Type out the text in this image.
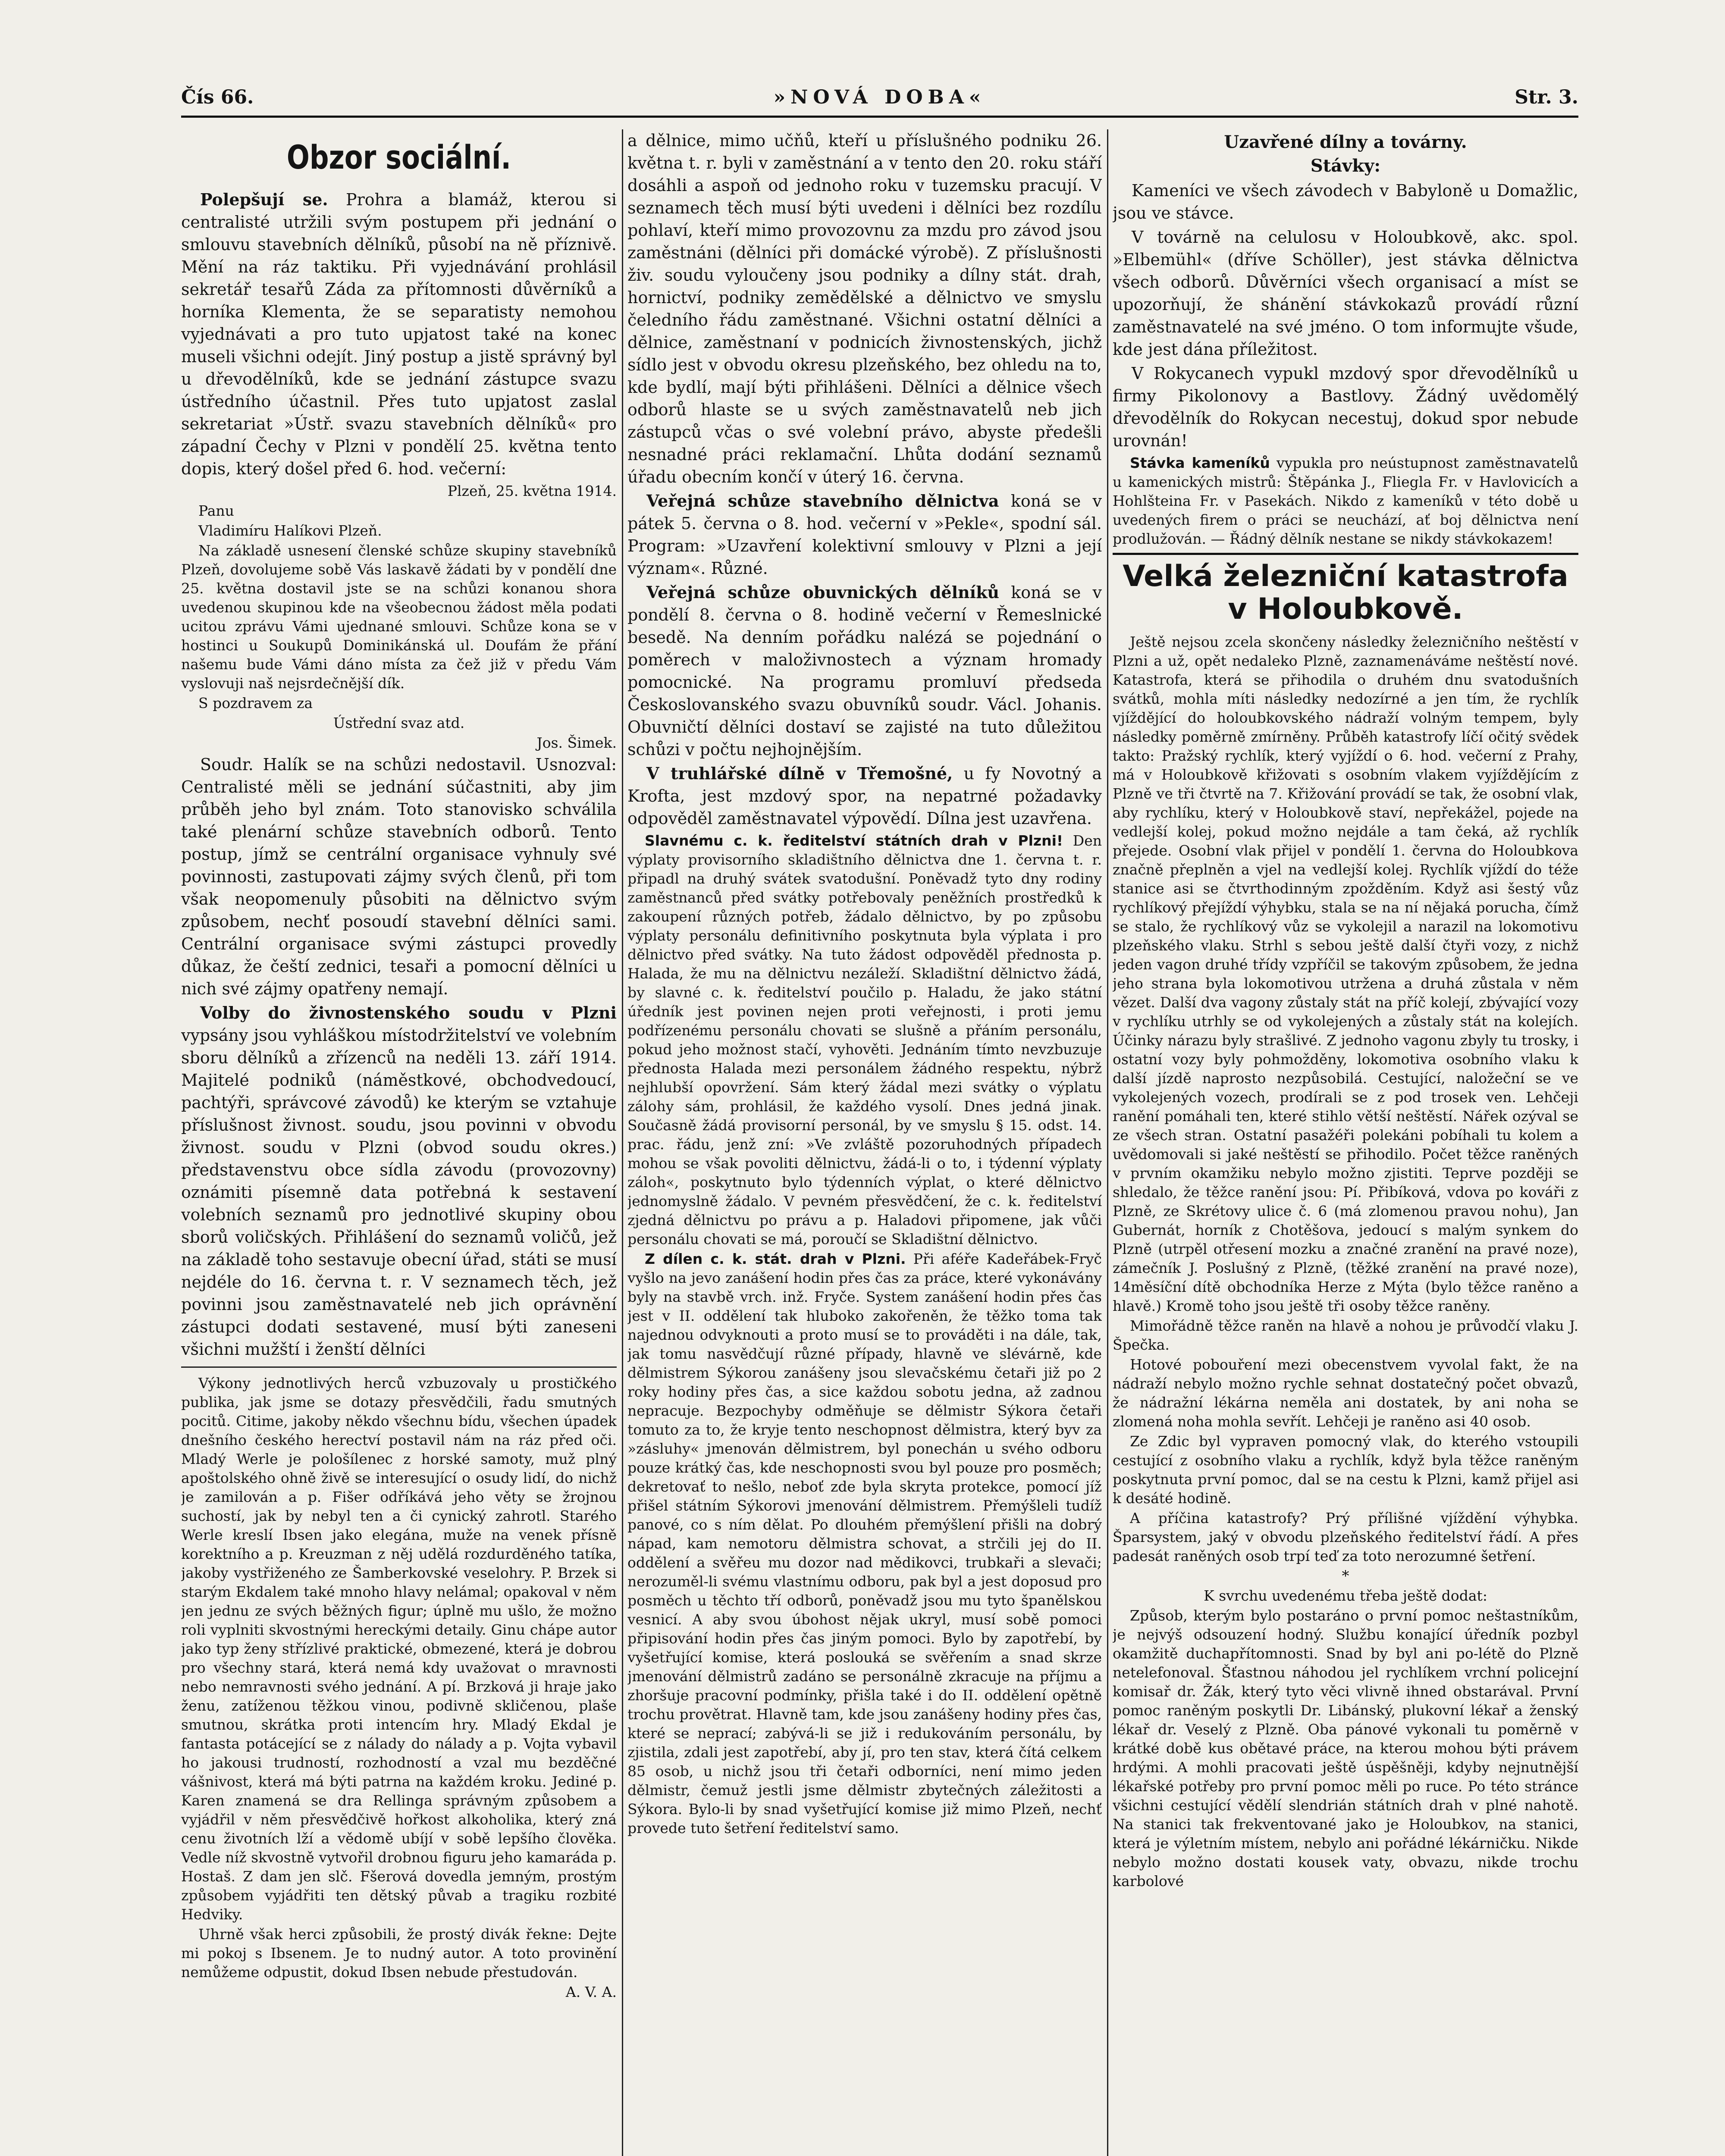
Čís 66.	»NOVÁ DOBA«	Str. 3.
Obzor sociální.

Polepšují se. Prohra a blamáž, kterou si centralisté utržili svým postupem při jednání o smlouvu stavebních dělníků, působí na ně příznivě. Mění na ráz taktiku. Při vyjednávání prohlásil sekretář tesařů Záda za přítomnosti důvěrníků a horníka Klementa, že se separatisty nemohou vyjednávati a pro tuto upjatost také na konec museli všichni odejít. Jiný postup a jistě správný byl u dřevodělníků, kde se jednání zástupce svazu ústředního účastnil. Přes tuto upjatost zaslal sekretariat »Ústř. svazu stavebních dělníků« pro západní Čechy v Plzni v pondělí 25. května tento dopis, který došel před 6. hod. večerní:

Plzeň, 25. května 1914.

Panu

Vladimíru Halíkovi Plzeň.

Na základě usnesení členské schůze skupiny stavebníků Plzeň, dovolujeme sobě Vás laskavě žádati by v pondělí dne 25. května dostavil jste se na schůzi konanou shora uvedenou skupinou kde na všeobecnou žádost měla podati ucitou zprávu Vámi ujednané smlouvi. Schůze kona se v hostinci u Soukupů Dominikánská ul. Doufám že přání našemu bude Vámi dáno místa za čež již v předu Vám vyslovuji naš nejsrdečnější dík.

S pozdravem za

Ústřední svaz atd.

Jos. Šimek.

Soudr. Halík se na schůzi nedostavil. Usnozval: Centralisté měli se jednání súčastniti, aby jim průběh jeho byl znám. Toto stanovisko schválila také plenární schůze stavebních odborů. Tento postup, jímž se centrální organisace vyhnuly své povinnosti, zastupovati zájmy svých členů, při tom však neopomenuly působiti na dělnictvo svým způsobem, nechť posoudí stavební dělníci sami. Centrální organisace svými zástupci provedly důkaz, že čeští zednici, tesaři a pomocní dělníci u nich své zájmy opatřeny nemají.

Volby do živnostenského soudu v Plzni vypsány jsou vyhláškou místodržitelství ve volebním sboru dělníků a zřízenců na neděli 13. září 1914. Majitelé podniků (náměstkové, obchodvedoucí, pachtýři, správcové závodů) ke kterým se vztahuje příslušnost živnost. soudu, jsou povinni v obvodu živnost. soudu v Plzni (obvod soudu okres.) představenstvu obce sídla závodu (provozovny) oznámiti písemně data potřebná k sestavení volebních seznamů pro jednotlivé skupiny obou sborů voličských. Přihlášení do seznamů voličů, jež na základě toho sestavuje obecní úřad, státi se musí nejdéle do 16. června t. r. V seznamech těch, jež povinni jsou zaměstnavatelé neb jich oprávnění zástupci dodati sestavené, musí býti zaneseni všichni mužští i ženští dělníci

Výkony jednotlivých herců vzbuzovaly u prostičkého publika, jak jsme se dotazy přesvědčili, řadu smutných pocitů. Citime, jakoby někdo všechnu bídu, všechen úpadek dnešního českého herectví postavil nám na ráz před oči. Mladý Werle je pološílenec z horské samoty, muž plný apoštolského ohně živě se interesující o osudy lidí, do nichž je zamilován a p. Fišer odříkává jeho věty se žrojnou suchostí, jak by nebyl ten a či cynický zahrotl. Starého Werle kreslí Ibsen jako elegána, muže na venek přísně korektního a p. Kreuzman z něj udělá rozdurděného tatíka, jakoby vystřiženého ze Šamberkovské veselohry. P. Brzek si starým Ekdalem také mnoho hlavy nelámal; opakoval v něm jen jednu ze svých běžných figur; úplně mu ušlo, že možno roli vyplniti skvostnými hereckými detaily. Ginu chápe autor jako typ ženy střízlivé praktické, obmezené, která je dobrou pro všechny stará, která nemá kdy uvažovat o mravnosti nebo nemravnosti svého jednání. A pí. Brzková ji hraje jako ženu, zatíženou těžkou vinou, podivně skličenou, plaše smutnou, skrátka proti intencím hry. Mladý Ekdal je fantasta potácející se z nálady do nálady a p. Vojta vybavil ho jakousi trudností, rozhodností a vzal mu bezděčné vášnivost, která má býti patrna na každém kroku. Jediné p. Karen znamená se dra Rellinga správným způsobem a vyjádřil v něm přesvědčivě hořkost alkoholika, který zná cenu životních lží a vědomě ubíjí v sobě lepšího člověka. Vedle níž skvostně vytvořil drobnou figuru jeho kamaráda p. Hostaš. Z dam jen slč. Fšerová dovedla jemným, prostým způsobem vyjádřiti ten dětský půvab a tragiku rozbité Hedviky.

Uhrně však herci způsobili, že prostý divák řekne: Dejte mi pokoj s Ibsenem. Je to nudný autor. A toto provinění nemůžeme odpustit, dokud Ibsen nebude přestudován.

A. V. A.

a dělnice, mimo učňů, kteří u příslušného podniku 26. května t. r. byli v zaměstnání a v tento den 20. roku stáří dosáhli a aspoň od jednoho roku v tuzemsku pracují. V seznamech těch musí býti uvedeni i dělníci bez rozdílu pohlaví, kteří mimo provozovnu za mzdu pro závod jsou zaměstnáni (dělníci při domácké výrobě). Z příslušnosti živ. soudu vyloučeny jsou podniky a dílny stát. drah, hornictví, podniky zemědělské a dělnictvo ve smyslu čeledního řádu zaměstnané. Všichni ostatní dělníci a dělnice, zaměstnaní v podnicích živnostenských, jichž sídlo jest v obvodu okresu plzeňského, bez ohledu na to, kde bydlí, mají býti přihlášeni. Dělníci a dělnice všech odborů hlaste se u svých zaměstnavatelů neb jich zástupců včas o své volební právo, abyste předešli nesnadné práci reklamační. Lhůta dodání seznamů úřadu obecním končí v úterý 16. června.

Veřejná schůze stavebního dělnictva koná se v pátek 5. června o 8. hod. večerní v »Pekle«, spodní sál. Program: »Uzavření kolektivní smlouvy v Plzni a její význam«. Různé.

Veřejná schůze obuvnických dělníků koná se v pondělí 8. června o 8. hodině večerní v Řemeslnické besedě. Na denním pořádku nalézá se pojednání o poměrech v maloživnostech a význam hromady pomocnické. Na programu promluví předseda Českoslovanského svazu obuvníků soudr. Václ. Johanis. Obuvničtí dělníci dostaví se zajisté na tuto důležitou schůzi v počtu nejhojnějším.

V truhlářské dílně v Třemošné, u fy Novotný a Krofta, jest mzdový spor, na nepatrné požadavky odpověděl zaměstnavatel výpovědí. Dílna jest uzavřena.

Slavnému c. k. ředitelství státních drah v Plzni! Den výplaty provisorního skladištního dělnictva dne 1. června t. r. připadl na druhý svátek svatodušní. Poněvadž tyto dny rodiny zaměstnanců před svátky potřebovaly peněžních prostředků k zakoupení různých potřeb, žádalo dělnictvo, by po způsobu výplaty personálu definitivního poskytnuta byla výplata i pro dělnictvo před svátky. Na tuto žádost odpověděl přednosta p. Halada, že mu na dělnictvu nezáleží. Skladištní dělnictvo žádá, by slavné c. k. ředitelství poučilo p. Haladu, že jako státní úředník jest povinen nejen proti veřejnosti, i proti jemu podřízenému personálu chovati se slušně a přáním personálu, pokud jeho možnost stačí, vyhověti. Jednáním tímto nevzbuzuje přednosta Halada mezi personálem žádného respektu, nýbrž nejhlubší opovržení. Sám který žádal mezi svátky o výplatu zálohy sám, prohlásil, že každého vysolí. Dnes jedná jinak. Současně žádá provisorní personál, by ve smyslu § 15. odst. 14. prac. řádu, jenž zní: »Ve zvláště pozoruhodných případech mohou se však povoliti dělnictvu, žádá-li o to, i týdenní výplaty záloh«, poskytnuto bylo týdenních výplat, o které dělnictvo jednomyslně žádalo. V pevném přesvědčení, že c. k. ředitelství zjedná dělnictvu po právu a p. Haladovi připomene, jak vůči personálu chovati se má, poroučí se Skladištní dělnictvo.

Z dílen c. k. stát. drah v Plzni. Při aféře Kadeřábek-Fryč vyšlo na jevo zanášení hodin přes čas za práce, které vykonávány byly na stavbě vrch. inž. Fryče. System zanášení hodin přes čas jest v II. oddělení tak hluboko zakořeněn, že těžko toma tak najednou odvyknouti a proto musí se to prováděti i na dále, tak, jak tomu nasvědčují různé případy, hlavně ve slévárně, kde dělmistrem Sýkorou zanášeny jsou slevačskému četaři již po 2 roky hodiny přes čas, a sice každou sobotu jedna, až zadnou nepracuje. Bezpochyby odměňuje se dělmistr Sýkora četaři tomuto za to, že kryje tento neschopnost dělmistra, který byv za »zásluhy« jmenován dělmistrem, byl ponechán u svého odboru pouze krátký čas, kde neschopnosti svou byl pouze pro posměch; dekretovať to nešlo, neboť zde byla skryta protekce, pomocí jíž přišel státním Sýkorovi jmenování dělmistrem. Přemýšleli tudíž panové, co s ním dělat. Po dlouhém přemýšlení přišli na dobrý nápad, kam nemotoru dělmistra schovat, a strčili jej do II. oddělení a svěřeu mu dozor nad mědikovci, trubkaři a slevači; nerozuměl-li svému vlastnímu odboru, pak byl a jest doposud pro posměch u těchto tří odborů, poněvadž jsou mu tyto španělskou vesnicí. A aby svou úbohost nějak ukryl, musí sobě pomoci připisování hodin přes čas jiným pomoci. Bylo by zapotřebí, by vyšetřující komise, která poslouká se svěřením a snad skrze jmenování dělmistrů zadáno se personálně zkracuje na příjmu a zhoršuje pracovní podmínky, přišla také i do II. oddělení opětně trochu provětrat. Hlavně tam, kde jsou zanášeny hodiny přes čas, které se neprací; zabývá-li se již i redukováním personálu, by zjistila, zdali jest zapotřebí, aby jí, pro ten stav, která čítá celkem 85 osob, u nichž jsou tři četaři odborníci, není mimo jeden dělmistr, čemuž jestli jsme dělmistr zbytečných záležitosti a Sýkora. Bylo-li by snad vyšetřující komise již mimo Plzeň, nechť provede tuto šetření ředitelství samo.

Uzavřené dílny a továrny.
Stávky:

Kameníci ve všech závodech v Babyloně u Domažlic, jsou ve stávce.

V továrně na celulosu v Holoubkově, akc. spol. »Elbemühl« (dříve Schöller), jest stávka dělnictva všech odborů. Důvěrníci všech organisací a míst se upozorňují, že shánění stávkokazů provádí různí zaměstnavatelé na své jméno. O tom informujte všude, kde jest dána příležitost.

V Rokycanech vypukl mzdový spor dřevodělníků u firmy Pikolonovy a Bastlovy. Žádný uvědomělý dřevodělník do Rokycan necestuj, dokud spor nebude urovnán!

Stávka kameníků vypukla pro neústupnost zaměstnavatelů u kamenických mistrů: Štěpánka J., Fliegla Fr. v Havlovicích a Hohlšteina Fr. v Pasekách. Nikdo z kameníků v této době u uvedených firem o práci se neuchází, ať boj dělnictva není prodlužován. — Řádný dělník nestane se nikdy stávkokazem!

Velká železniční katastrofa v Holoubkově.

Ještě nejsou zcela skončeny následky železničního neštěstí v Plzni a už, opět nedaleko Plzně, zaznamenáváme neštěstí nové. Katastrofa, která se přihodila o druhém dnu svatodušních svátků, mohla míti následky nedozírné a jen tím, že rychlík vjíždějící do holoubkovského nádraží volným tempem, byly následky poměrně zmírněny. Průběh katastrofy líčí očitý svědek takto: Pražský rychlík, který vyjíždí o 6. hod. večerní z Prahy, má v Holoubkově křižovati s osobním vlakem vyjíždějícím z Plzně ve tři čtvrtě na 7. Křižování provádí se tak, že osobní vlak, aby rychlíku, který v Holoubkově staví, nepřekážel, pojede na vedlejší kolej, pokud možno nejdále a tam čeká, až rychlík přejede. Osobní vlak přijel v pondělí 1. června do Holoubkova značně přeplněn a vjel na vedlejší kolej. Rychlík vjíždí do téže stanice asi se čtvrthodinným zpožděním. Když asi šestý vůz rychlíkový přejíždí výhybku, stala se na ní nějaká porucha, čímž se stalo, že rychlíkový vůz se vykolejil a narazil na lokomotivu plzeňského vlaku. Strhl s sebou ještě další čtyři vozy, z nichž jeden vagon druhé třídy vzpříčil se takovým způsobem, že jedna jeho strana byla lokomotivou utržena a druhá zůstala v něm vězet. Další dva vagony zůstaly stát na příč kolejí, zbývající vozy v rychlíku utrhly se od vykolejených a zůstaly stát na kolejích. Účinky nárazu byly strašlivé. Z jednoho vagonu zbyly tu trosky, i ostatní vozy byly pohmožděny, lokomotiva osobního vlaku k další jízdě naprosto nezpůsobilá. Cestující, naložeční se ve vykolejených vozech, prodírali se z pod trosek ven. Lehčeji ranění pomáhali ten, které stihlo větší neštěstí. Nářek ozýval se ze všech stran. Ostatní pasažéři polekáni pobíhali tu kolem a uvědomovali si jaké neštěstí se přihodilo. Počet těžce raněných v prvním okamžiku nebylo možno zjistiti. Teprve později se shledalo, že těžce ranění jsou: Pí. Přibíková, vdova po kováři z Plzně, ze Skrétovy ulice č. 6 (má zlomenou pravou nohu), Jan Gubernát, horník z Chotěšova, jedoucí s malým synkem do Plzně (utrpěl otřesení mozku a značné zranění na pravé noze), zámečník J. Poslušný z Plzně, (těžké zranění na pravé noze), 14měsíční dítě obchodníka Herze z Mýta (bylo těžce raněno a hlavě.) Kromě toho jsou ještě tři osoby těžce raněny.

Mimořádně těžce raněn na hlavě a nohou je průvodčí vlaku J. Špečka.

Hotové pobouření mezi obecenstvem vyvolal fakt, že na nádraží nebylo možno rychle sehnat dostatečný počet obvazů, že nádražní lékárna neměla ani dostatek, by ani noha se zlomená noha mohla sevřít. Lehčeji je raněno asi 40 osob.

Ze Zdic byl vypraven pomocný vlak, do kterého vstoupili cestující z osobního vlaku a rychlík, když byla těžce raněným poskytnuta první pomoc, dal se na cestu k Plzni, kamž přijel asi k desáté hodině.

A příčina katastrofy? Prý přílišné vjíždění výhybka. Šparsystem, jaký v obvodu plzeňského ředitelství řádí. A přes padesát raněných osob trpí teď za toto nerozumné šetření.

*

K svrchu uvedenému třeba ještě dodat:

Způsob, kterým bylo postaráno o první pomoc neštastníkům, je nejvýš odsouzení hodný. Službu konající úředník pozbyl okamžitě duchapřítomnosti. Snad by byl ani po-létě do Plzně netelefonoval. Šťastnou náhodou jel rychlíkem vrchní policejní komisař dr. Žák, který tyto věci vlivně ihned obstarával. První pomoc raněným poskytli Dr. Libánský, plukovní lékař a ženský lékař dr. Veselý z Plzně. Oba pánové vykonali tu poměrně v krátké době kus obětavé práce, na kterou mohou býti právem hrdými. A mohli pracovati ještě úspěšněji, kdyby nejnutnější lékařské potřeby pro první pomoc měli po ruce. Po této stránce všichni cestující vědělí slendrián státních drah v plné nahotě. Na stanici tak frekventované jako je Holoubkov, na stanici, která je výletním místem, nebylo ani pořádné lékárničku. Nikde nebylo možno dostati kousek vaty, obvazu, nikde trochu karbolové
